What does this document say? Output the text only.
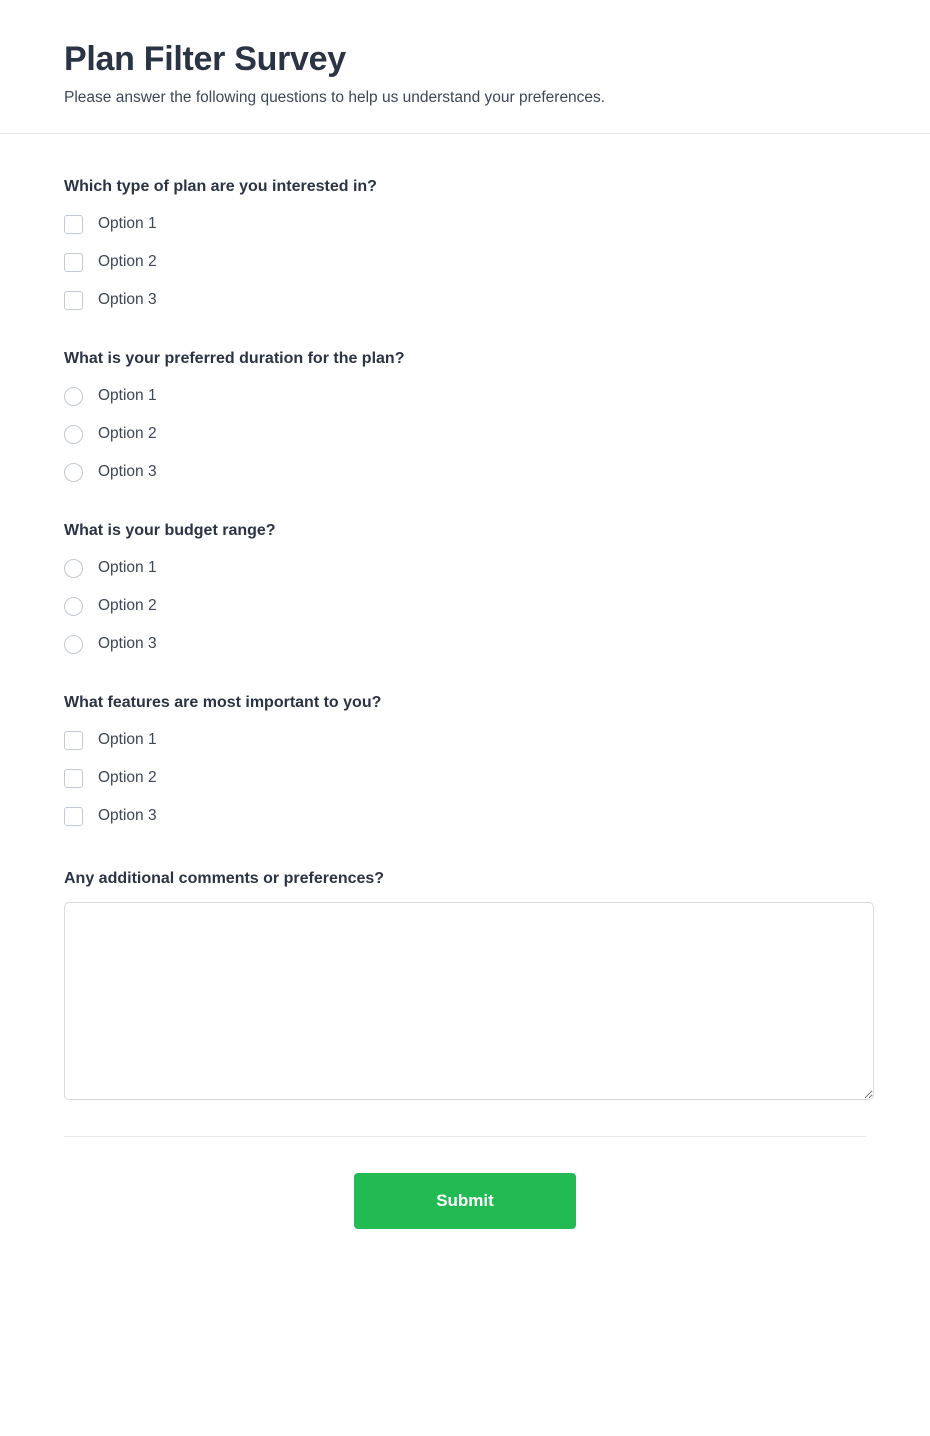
Plan Filter Survey

Please answer the following questions to help us understand your preferences.

Which type of plan are you interested in?
Option 1
Option 2
Option 3
What is your preferred duration for the plan?
Option 1
Option 2
Option 3
What is your budget range?
Option 1
Option 2
Option 3
What features are most important to you?
Option 1
Option 2
Option 3
Any additional comments or preferences?
Submit
